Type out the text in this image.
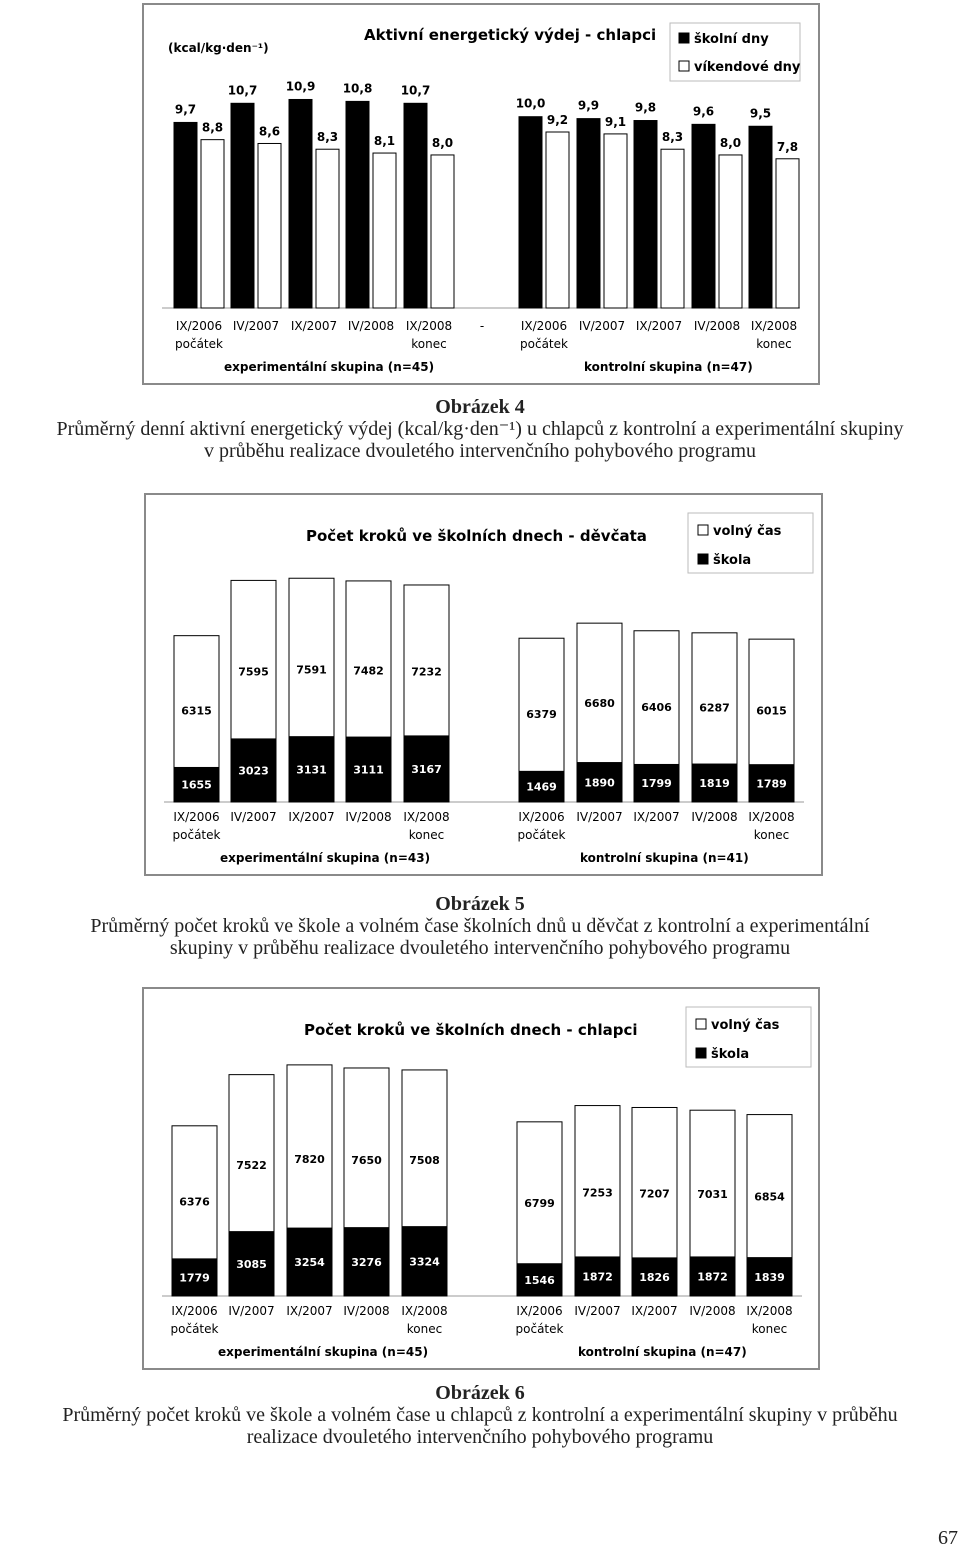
(kcal/kg·den⁻¹)
Aktivní energetický výdej - chlapci	školní dny
víkendové dny
9,7
8,8
IX/2006
počátek
10,7
8,6
IV/2007
10,9
8,3
IX/2007
10,8
8,1
IV/2008
10,7
8,0
IX/2008
konec
10,0
9,2
IX/2006
počátek
9,9
9,1
IV/2007
9,8
8,3
IX/2007
9,6
8,0
IV/2008
9,5
7,8
IX/2008
konec
-
experimentální skupina (n=45)	kontrolní skupina (n=47)
Obrázek 4
Průměrný denní aktivní energetický výdej (kcal/kg·den⁻¹) u chlapců z kontrolní a experimentální skupiny
v průběhu realizace dvouletého intervenčního pohybového programu
Počet kroků ve školních dnech - děvčata	volný čas
škola
1655
6315
IX/2006
počátek
3023
7595
IV/2007
3131
7591
IX/2007
3111
7482
IV/2008
3167
7232
IX/2008
konec
1469
6379
IX/2006
počátek
1890
6680
IV/2007
1799
6406
IX/2007
1819
6287
IV/2008
1789
6015
IX/2008
konec
experimentální skupina (n=43)	kontrolní skupina (n=41)
Obrázek 5
Průměrný počet kroků ve škole a volném čase školních dnů u děvčat z kontrolní a experimentální
skupiny v průběhu realizace dvouletého intervenčního pohybového programu
Počet kroků ve školních dnech - chlapci	volný čas
škola
1779
6376
IX/2006
počátek
3085
7522
IV/2007
3254
7820
IX/2007
3276
7650
IV/2008
3324
7508
IX/2008
konec
1546
6799
IX/2006
počátek
1872
7253
IV/2007
1826
7207
IX/2007
1872
7031
IV/2008
1839
6854
IX/2008
konec
experimentální skupina (n=45)	kontrolní skupina (n=47)
Obrázek 6
Průměrný počet kroků ve škole a volném čase u chlapců z kontrolní a experimentální skupiny v průběhu
realizace dvouletého intervenčního pohybového programu
67
